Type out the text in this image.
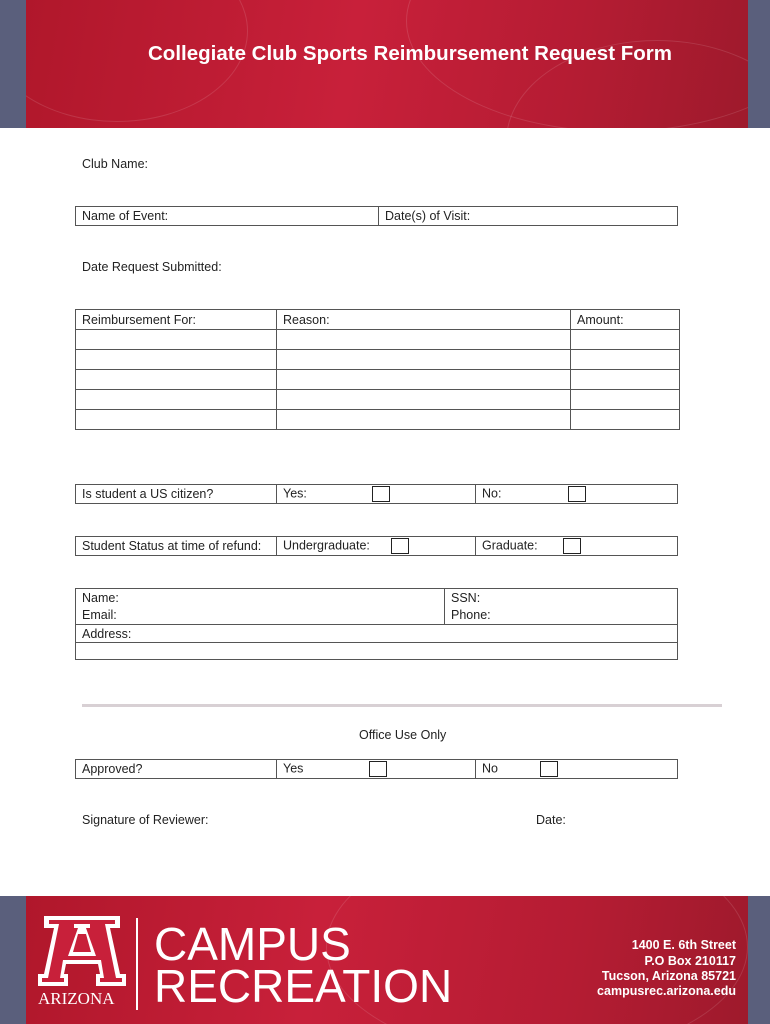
Collegiate Club Sports Reimbursement Request Form
Club Name:
Name of Event:	Date(s) of Visit:
Date Request Submitted:
Reimbursement For:	Reason:	Amount:

Is student a US citizen?	Yes:	No:
Student Status at time of refund:	Undergraduate:	Graduate:
Name:	SSN:
Email:	Phone:
Address:	

Office Use Only
Approved?	Yes	No
Signature of Reviewer:	Date:
ARIZONA
CAMPUS
RECREATION
1400 E. 6th Street
P.O Box 210117
Tucson, Arizona 85721
campusrec.arizona.edu
